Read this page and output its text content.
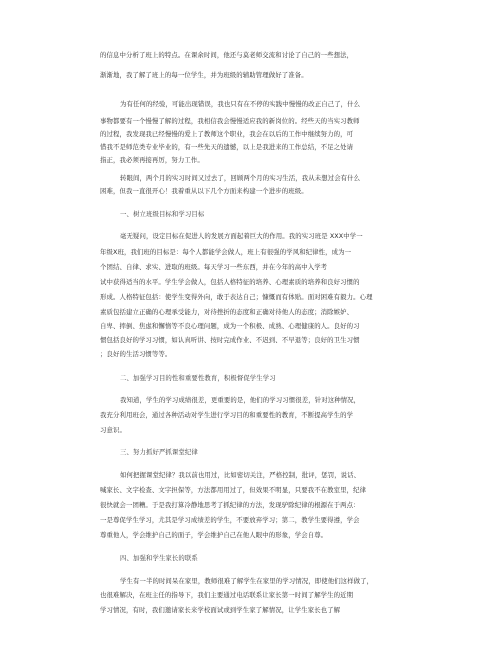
的信息中分析了班上的特点。在课余时间，他还与莫老师交流和讨论了自己的一些想法，
渐渐地，我了解了班上的每一位学生，并为班级的辅助管理做好了准备。
为有任何的经验，可能出现错误，我也只有在不停的实践中慢慢的改正自己了，什么
事物都要有一个慢慢了解的过程，我相信我会慢慢适应我的新岗位的。经些天的当实习教师
的过程，我发现我已经慢慢的爱上了教师这个职业，我会在以后的工作中继续努力的，可
惜我不是师范类专业毕业的，有一些先天的遗憾，以上是我进来的工作总结，不足之处请
指正，我必须再接再厉，努力工作。
转眼间，两个月的实习时间又过去了，回顾两个月的实习生活，我从未想过会有什么
困难，但我一直很开心！我着重从以下几个方面来构建一个进步的班级。
一、树立班级目标和学习目标
毫无疑问，设定目标在促进人的发展方面起着巨大的作用。我的实习班是 XXX中学一
年级X班，我们班的目标是：每个人都能学会做人，班上有很强的学风和纪律性，成为一
个团结、自律、求实、进取的班级。每天学习一些东西，并在今年的高中入学考
试中获得适当的水平。学生学会做人，包括人格特征的培养、心理素质的培养和良好习惯的
形成。人格特征包括：使学生变得外向，敢于表达自己；慷慨而有体贴。面对困难有毅力。心理
素质包括建立正确的心理承受能力，对待挫折的态度和正确对待他人的态度；消除嫉妒、
自卑、摔倒、焦虑和懈惰等不良心理问题，成为一个积极、成熟、心理健康的人。良好的习
惯包括良好的学习习惯，如认真听讲、按时完成作业、不迟到、不早退等；良好的卫生习惯
；良好的生活习惯等等。
二、加强学习目的性和重要性教育，积极督促学生学习
我知道，学生的学习成绩很差，更重要的是，他们的学习习惯很差，针对这种情况，
我充分利用班会，通过各种活动对学生进行学习目的和重要性的教育，不断提高学生的学
习意识。
三、努力抓好严抓课堂纪律
如何把握课堂纪律？我以前也用过，比如密切关注，严格控制，批评，惩罚，说话、
喊家长、文字检查、文字担保等，方法都用用过了，但效果不明显，只要我不在教室里，纪律
很快就会一团糟。于是我打算冷静地思考了抓纪律的方法，发现驴除纪律的根源在于两点：
一是尊促学生学习，尤其是学习成绩差的学生，不要放弃学习；第二，教学生要得遵，学会
尊重他人，学会维护自己的面子，学会维护自己在他人眼中的形象，学会自尊。
四、加强和学生家长的联系
学生有一半的时间呆在家里，教师很难了解学生在家里的学习情况，即使他们这样做了，
也很难解决，在班主任的指导下，我们主要通过电话联系让家长第一时间了解学生的近期
学习情况，有时，我们邀请家长来学校面试或到学生家了解情况，让学生家长也了解
